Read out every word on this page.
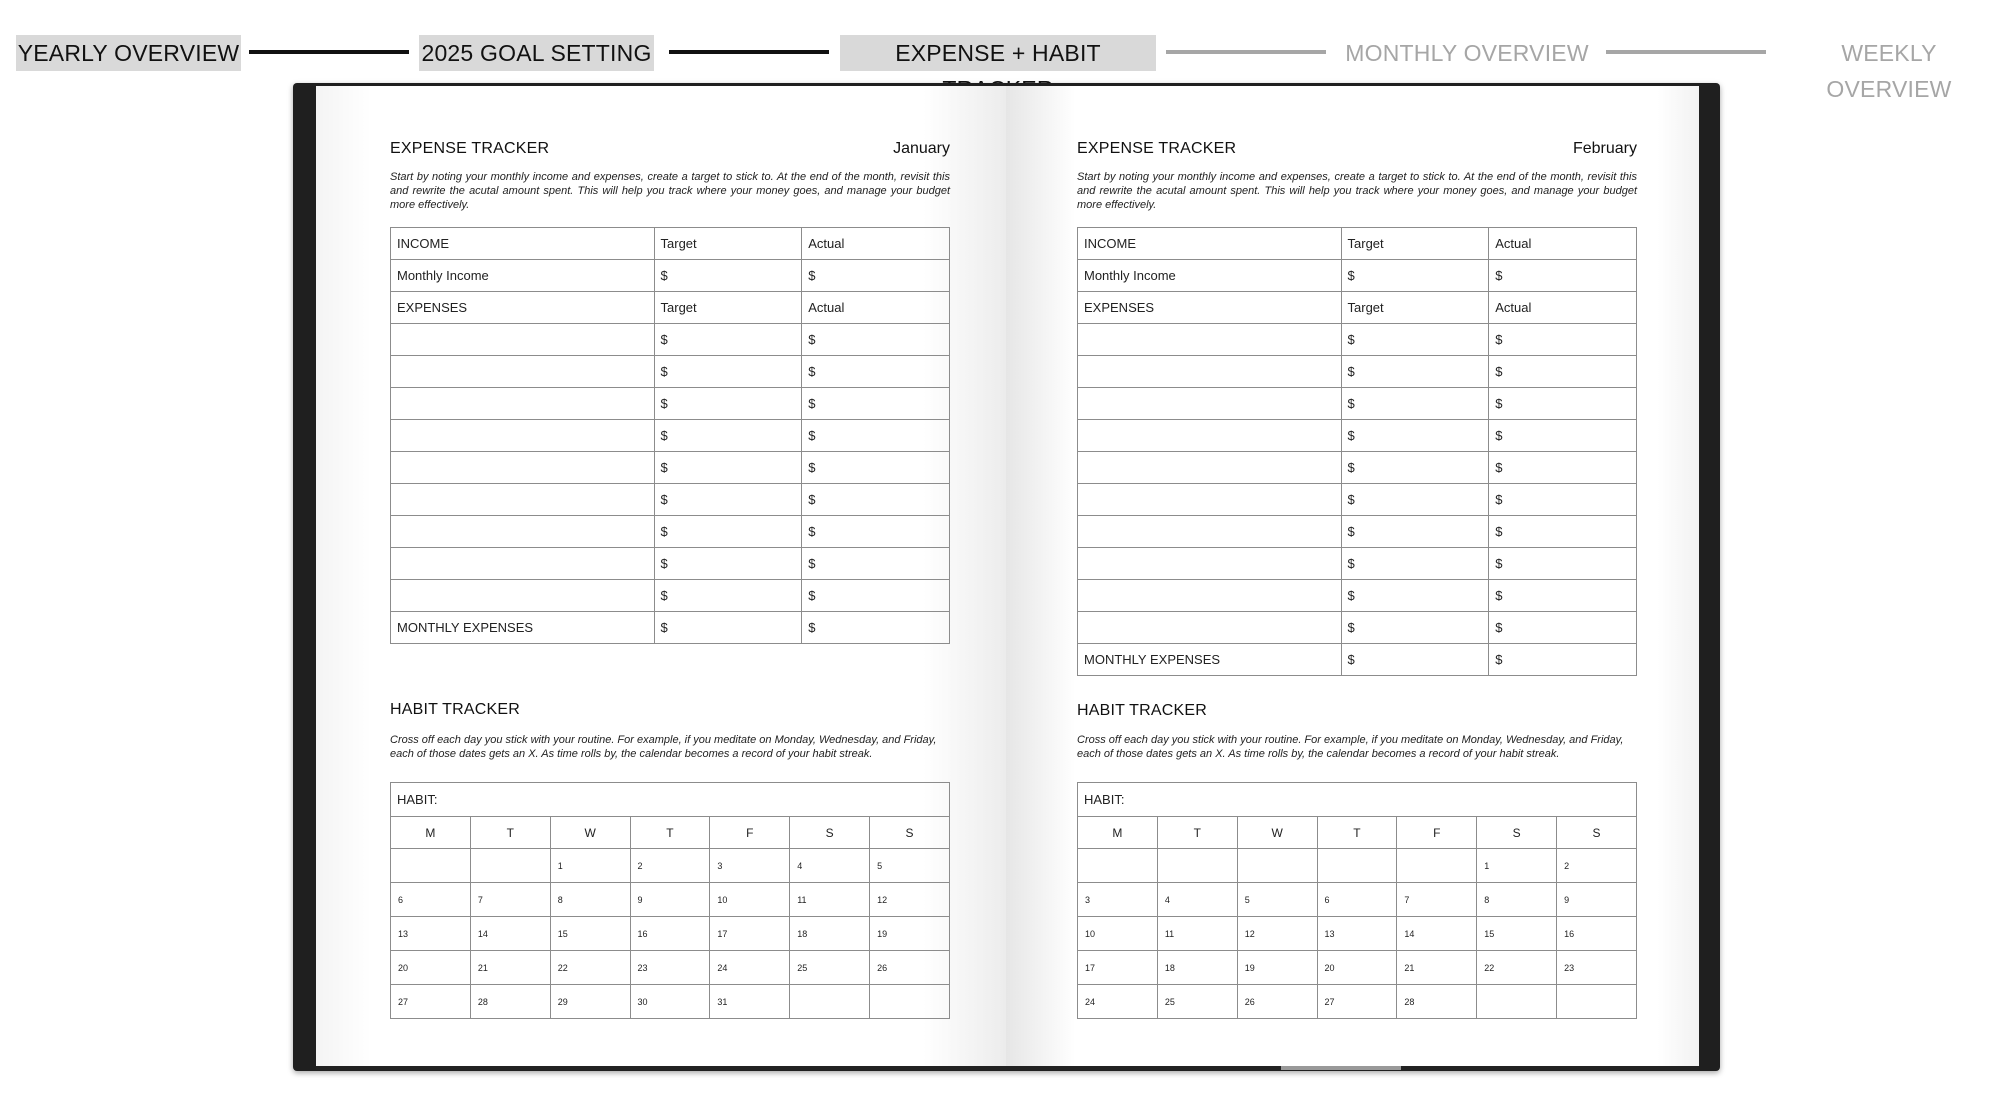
YEARLY OVERVIEW	2025 GOAL SETTING	EXPENSE + HABIT	MONTHLY OVERVIEW	WEEKLY OVERVIEW
EXPENSE TRACKER	January
Start by noting your monthly income and expenses, create a target to stick to. At the end of the month, revisit this and rewrite the acutal amount spent. This will help you track where your money goes, and manage your budget more effectively.
INCOME	Target	Actual
Monthly Income	$	$
EXPENSES	Target	Actual
	$	$
	$	$
	$	$
	$	$
	$	$
	$	$
	$	$
	$	$
	$	$
MONTHLY EXPENSES	$	$
HABIT TRACKER
Cross off each day you stick with your routine. For example, if you meditate on Monday, Wednesday, and Friday, each of those dates gets an X. As time rolls by, the calendar becomes a record of your habit streak.
HABIT:						
M	T	W	T	F	S	S
		1	2	3	4	5
6	7	8	9	10	11	12
13	14	15	16	17	18	19
20	21	22	23	24	25	26
27	28	29	30	31		
EXPENSE TRACKER	February
Start by noting your monthly income and expenses, create a target to stick to. At the end of the month, revisit this and rewrite the acutal amount spent. This will help you track where your money goes, and manage your budget more effectively.
INCOME	Target	Actual
Monthly Income	$	$
EXPENSES	Target	Actual
	$	$
	$	$
	$	$
	$	$
	$	$
	$	$
	$	$
	$	$
	$	$
	$	$
MONTHLY EXPENSES	$	$
HABIT TRACKER
Cross off each day you stick with your routine. For example, if you meditate on Monday, Wednesday, and Friday, each of those dates gets an X. As time rolls by, the calendar becomes a record of your habit streak.
HABIT:						
M	T	W	T	F	S	S
					1	2
3	4	5	6	7	8	9
10	11	12	13	14	15	16
17	18	19	20	21	22	23
24	25	26	27	28		
